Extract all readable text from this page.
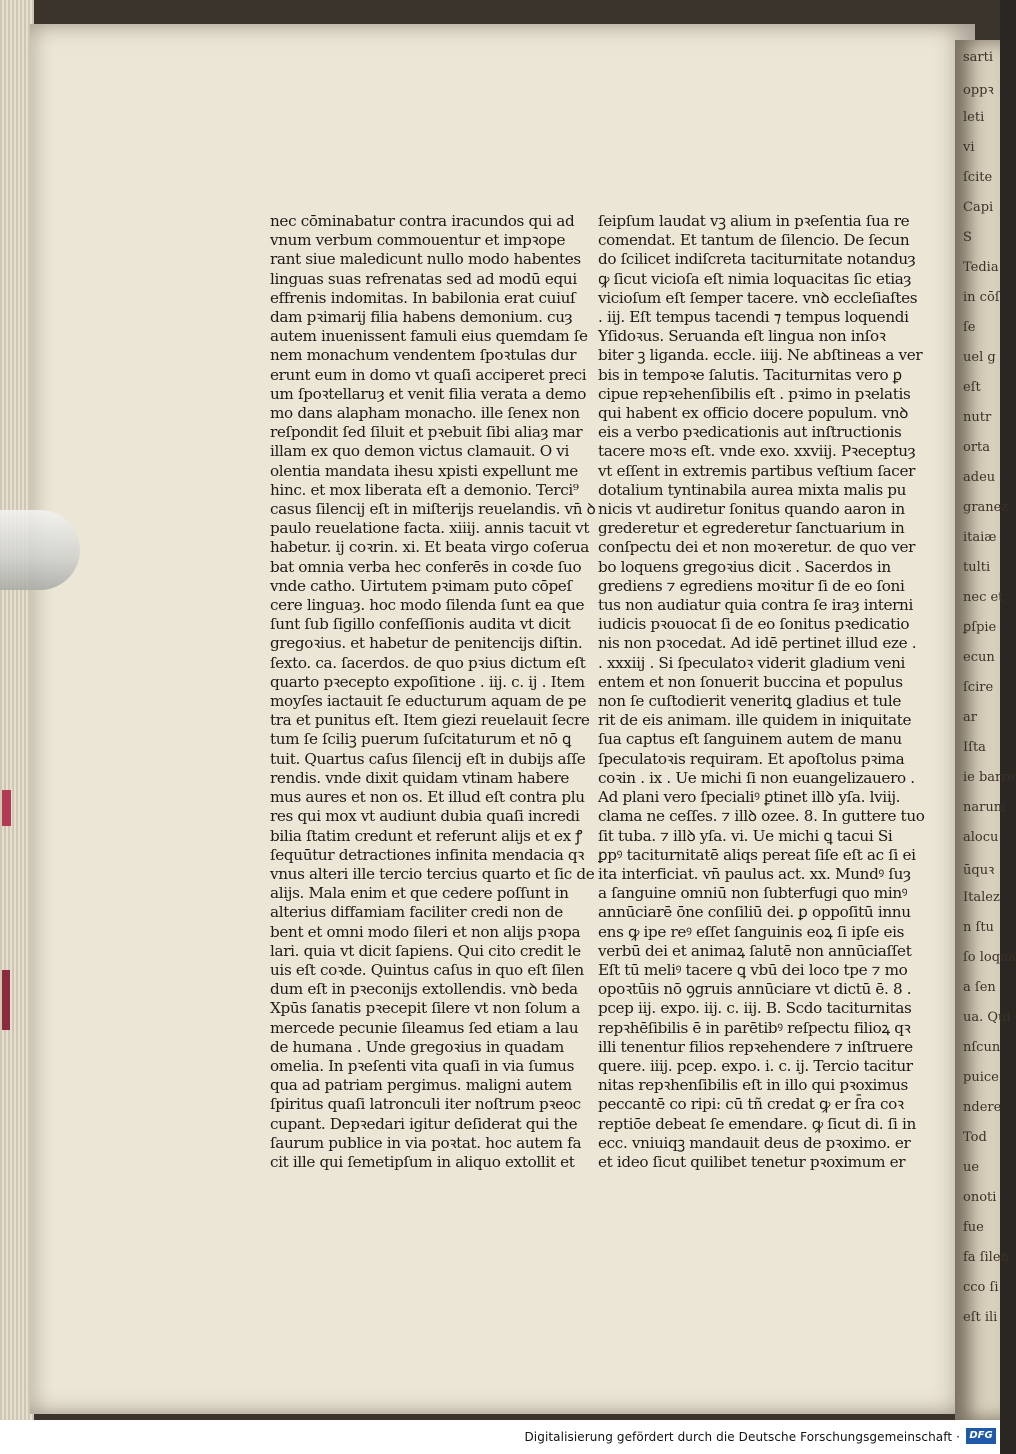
sarti
oppꝛ
leti
vi
ſcite
Capi
S
Tedia
in cōſ
ſe
uel g
eſt
nutr
orta
adeu
granez
itaiæ
tulti
nec et
ꝑſpie
ecun
ſcire
ar
Iſta
ie barre
narum
alocu
ūquꝛ
Italez
n ſtu
ſo loqua
a ſen
ua. Qui
nſcun
puice
ndere
Tod
ue
onoti
fue
fa ſilen
cco ſi
eſt ili
nec cōminabatur contra iracundos qui ad
vnum verbum commouentur et impꝛope
rant siue maledicunt nullo modo habentes
linguas suas refrenatas sed ad modū equi
effrenis indomitas. In babilonia erat cuiuſ
dam pꝛimarij filia habens demonium. cuȝ
autem inuenissent famuli eius quemdam ſe
nem monachum vendentem ſpoꝛtulas dur
erunt eum in domo vt quaſi acciperet preci
um ſpoꝛtellaruȝ et venit filia verata a demo
mo dans alapham monacho. ille ſenex non
reſpondit ſed ſiluit et pꝛebuit ſibi aliaȝ mar
illam ex quo demon victus clamauit. O vi
olentia mandata ihesu xpisti expellunt me
hinc. et mox liberata eſt a demonio. Terci⁹
casus ſilencij eſt in miſterijs reuelandis. vn̄ ꝺ
paulo reuelatione facta. xiiij. annis tacuit vt
habetur. ij coꝛrin. xi. Et beata virgo coſerua
bat omnia verba hec conferēs in coꝛde ſuo
vnde catho. Uirtutem pꝛimam puto cōpeſ
cere linguaȝ. hoc modo ſilenda ſunt ea que
ſunt ſub ſigillo confeſſionis audita vt dicit
gregoꝛius. et habetur de penitencijs diſtin.
ſexto. ca. ſacerdos. de quo pꝛius dictum eſt
quarto pꝛecepto expoſitione . iij. c. ij . Item
moyſes iactauit ſe educturum aquam de pe
tra et punitus eſt. Item giezi reuelauit ſecre
tum ſe ſciliꝫ puerum ſuſcitaturum et nō ꝗ
tuit. Quartus caſus ſilencij eſt in dubijs aſſe
rendis. vnde dixit quidam vtinam habere
mus aures et non os. Et illud eſt contra plu
res qui mox vt audiunt dubia quaſi incredi
bilia ſtatim credunt et referunt alijs et ex ꝭ
ſequūtur detractiones infinita mendacia qꝛ
vnus alteri ille tercio tercius quarto et ſic de
alijs. Mala enim et que cedere poſſunt in
alterius diffamiam faciliter credi non de
bent et omni modo ſileri et non alijs pꝛopa
lari. quia vt dicit ſapiens. Qui cito credit le
uis eſt coꝛde. Quintus caſus in quo eſt ſilen
dum eſt in pꝛeconijs extollendis. vnꝺ beda
Xpūs ſanatis pꝛecepit ſilere vt non ſolum a
mercede pecunie ſileamus ſed etiam a lau
de humana . Unde gregoꝛius in quadam
omelia. In pꝛeſenti vita quaſi in via ſumus
qua ad patriam pergimus. maligni autem
ſpiritus quaſi latronculi iter noſtrum pꝛeoc
cupant. Depꝛedari igitur deſiderat qui the
ſaurum publice in via poꝛtat. hoc autem fa
cit ille qui ſemetipſum in aliquo extollit et
ſeipſum laudat vꝫ alium in pꝛeſentia ſua re
comendat. Et tantum de ſilencio. De ſecun
do ſcilicet indiſcreta taciturnitate notanduȝ
ꝙ ſicut vicioſa eſt nimia loquacitas ſic etiaȝ
vicioſum eſt ſemper tacere. vnꝺ eccleſiaſtes
. iij. Eſt tempus tacendi ⁊ tempus loquendi
Yſidoꝛus. Seruanda eſt lingua non inſoꝛ
biter ꝫ liganda. eccle. iiij. Ne abſtineas a ver
bis in tempoꝛe ſalutis. Taciturnitas vero ꝑ
cipue repꝛehenſibilis eſt . pꝛimo in pꝛelatis
qui habent ex officio docere populum. vnꝺ
eis a verbo pꝛedicationis aut inſtructionis
tacere moꝛs eſt. vnde exo. xxviij. Pꝛeceptuȝ
vt eſſent in extremis partibus veſtium ſacer
dotalium tyntinabila aurea mixta malis pu
nicis vt audiretur ſonitus quando aaron in
grederetur et egrederetur ſanctuarium in
conſpectu dei et non moꝛeretur. de quo ver
bo loquens gregoꝛius dicit . Sacerdos in
grediens ⁊ egrediens moꝛitur ſi de eo ſoni
tus non audiatur quia contra ſe iraȝ interni
iudicis pꝛouocat ſi de eo ſonitus pꝛedicatio
nis non pꝛocedat. Ad idē pertinet illud eze .
. xxxiij . Si ſpeculatoꝛ viderit gladium veni
entem et non ſonuerit buccina et populus
non ſe cuſtodierit veneritꝗ gladius et tule
rit de eis animam. ille quidem in iniquitate
ſua captus eſt ſanguinem autem de manu
ſpeculatoꝛis requiram. Et apoſtolus pꝛima
coꝛin . ix . Ue michi ſi non euangelizauero .
Ad plani vero ſpecialiꝰ ꝑtinet illꝺ yſa. lviij.
clama ne ceſſes. ⁊ illꝺ ozee. 8. In guttere tuo
ſit tuba. ⁊ illꝺ yſa. vi. Ue michi ꝗ tacui Si
ꝑpꝰ taciturnitatē aliqs pereat ſiſe eſt ac ſi ei
ita interficiat. vn̄ paulus act. xx. Mundꝰ ſuȝ
a ſanguine omniū non ſubterfugi quo minꝰ
annūciarē ōne conſiliū dei. ꝑ oppoſitū innu
ens ꝙ ipe reꝰ eſſet ſanguinis eoꝝ ſi ipſe eis
verbū dei et animaꝝ ſalutē non annūciaſſet
Eſt tū meliꝰ tacere ꝗ vbū dei loco tpe ⁊ mo
opoꝛtūis nō ꝯgruis annūciare vt dictū ē. 8 .
pcep iij. expo. iij. c. iij. B. Scdo taciturnitas
repꝛhēſibilis ē in parētibꝰ reſpectu filioꝝ qꝛ
illi tenentur filios repꝛehendere ⁊ inſtruere
quere. iiij. pcep. expo. i. c. ij. Tercio tacitur
nitas repꝛhenſibilis eſt in illo qui pꝛoximus
peccantē co ripi: cū tñ credat ꝙ er ſ̄ra coꝛ
reptiōe debeat ſe emendare. ꝙ ſicut di. ſi in
ecc. vniuiqꝫ mandauit deus de pꝛoximo. er
et ideo ſicut quilibet tenetur pꝛoximum er
Digitalisierung gefördert durch die Deutsche Forschungsgemeinschaft · DFG
